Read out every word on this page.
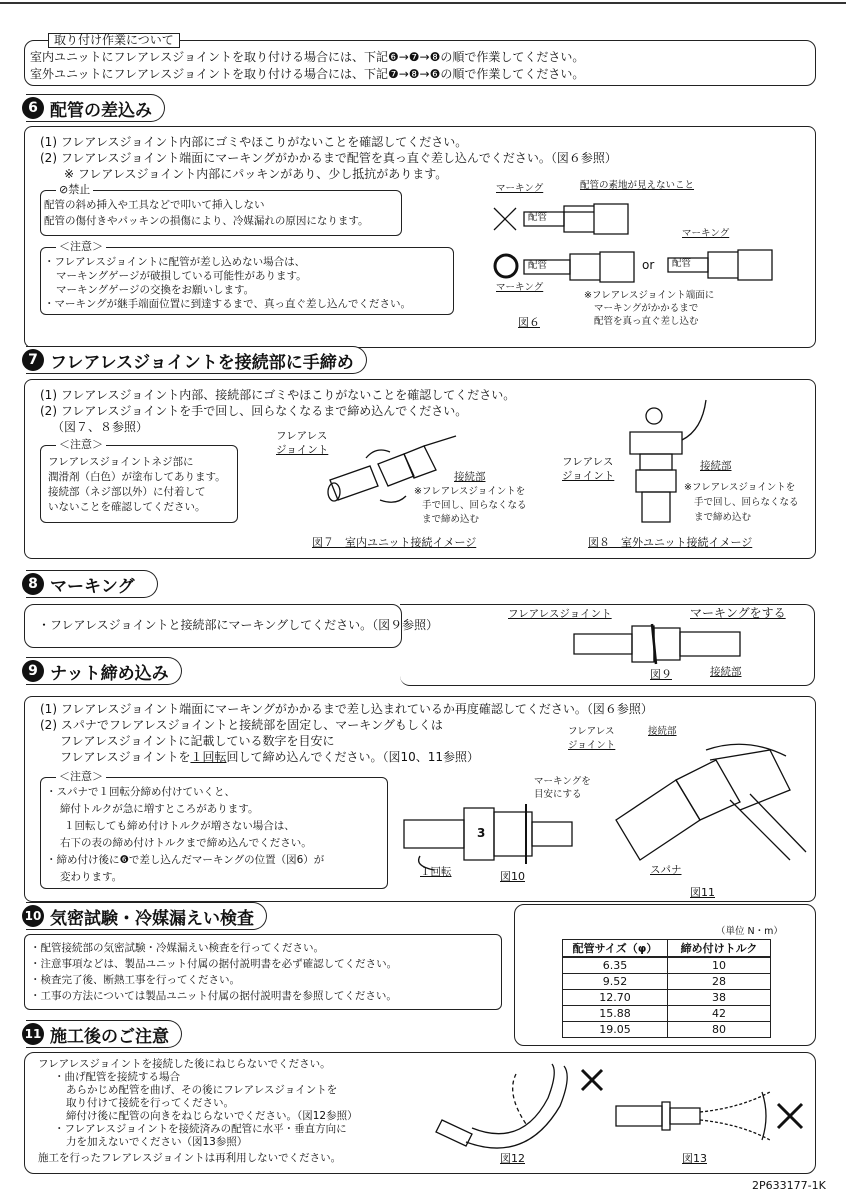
取り付け作業について
室内ユニットにフレアレスジョイントを取り付ける場合には、下記❻→❼→❽の順で作業してください。
室外ユニットにフレアレスジョイントを取り付ける場合には、下記❼→❽→❻の順で作業してください。
6 配管の差込み
(1) フレアレスジョイント内部にゴミやほこりがないことを確認してください。
(2) フレアレスジョイント端面にマーキングがかかるまで配管を真っ直ぐ差し込んでください。（図６参照）
※ フレアレスジョイント内部にパッキンがあり、少し抵抗があります。
⊘禁止
配管の斜め挿入や工具などで叩いて挿入しない
配管の傷付きやパッキンの損傷により、冷媒漏れの原因になります。
＜注意＞
・フレアレスジョイントに配管が差し込めない場合は、
マーキングゲージが破損している可能性があります。
マーキングゲージの交換をお願いします。
・マーキングが継手端面位置に到達するまで、真っ直ぐ差し込んでください。
マーキング	配管の素地が見えないこと
配管
マーキング
配管	or 配管
マーキング
※フレアレスジョイント端面に
マーキングがかかるまで
配管を真っ直ぐ差し込む
図６
7 フレアレスジョイントを接続部に手締め
(1) フレアレスジョイント内部、接続部にゴミやほこりがないことを確認してください。
(2) フレアレスジョイントを手で回し、回らなくなるまで締め込んでください。
（図７、８参照）
＜注意＞
フレアレスジョイントネジ部に
潤滑剤（白色）が塗布してあります。
接続部（ネジ部以外）に付着して
いないことを確認してください。
フレアレス
ジョイント
接続部
※フレアレスジョイントを
手で回し、回らなくなる
まで締め込む
図７　室内ユニット接続イメージ
フレアレス
ジョイント
接続部
※フレアレスジョイントを
手で回し、回らなくなる
まで締め込む
図８　室外ユニット接続イメージ
8 マーキング
・フレアレスジョイントと接続部にマーキングしてください。（図９参照）
フレアレスジョイント	マーキングをする
接続部
図９
9 ナット締め込み
(1) フレアレスジョイント端面にマーキングがかかるまで差し込まれているか再度確認してください。（図６参照）
(2) スパナでフレアレスジョイントと接続部を固定し、マーキングもしくは
フレアレスジョイントに記載している数字を目安に
フレアレスジョイントを１回転回して締め込んでください。（図10、11参照）
＜注意＞
・スパナで１回転分締め付けていくと、
締付トルクが急に増すところがあります。
１回転しても締め付けトルクが増さない場合は、
右下の表の締め付けトルクまで締め込んでください。
・締め付け後に❻で差し込んだマーキングの位置（図6）が
変わります。
3
マーキングを
目安にする
１回転	図10
フレアレス
ジョイント
接続部
スパナ
図11
10 気密試験・冷媒漏えい検査
・配管接続部の気密試験・冷媒漏えい検査を行ってください。
・注意事項などは、製品ユニット付属の据付説明書を必ず確認してください。
・検査完了後、断熱工事を行ってください。
・工事の方法については製品ユニット付属の据付説明書を参照してください。
（単位 N・m）
配管サイズ（φ）	締め付けトルク
6.35	10
9.52	28
12.70	38
15.88	42
19.05	80
11 施工後のご注意
フレアレスジョイントを接続した後にねじらないでください。
・曲げ配管を接続する場合
あらかじめ配管を曲げ、その後にフレアレスジョイントを
取り付けて接続を行ってください。
締付け後に配管の向きをねじらないでください。（図12参照）
・フレアレスジョイントを接続済みの配管に水平・垂直方向に
力を加えないでください（図13参照）
施工を行ったフレアレスジョイントは再利用しないでください。	図12	図13
2P633177-1K
